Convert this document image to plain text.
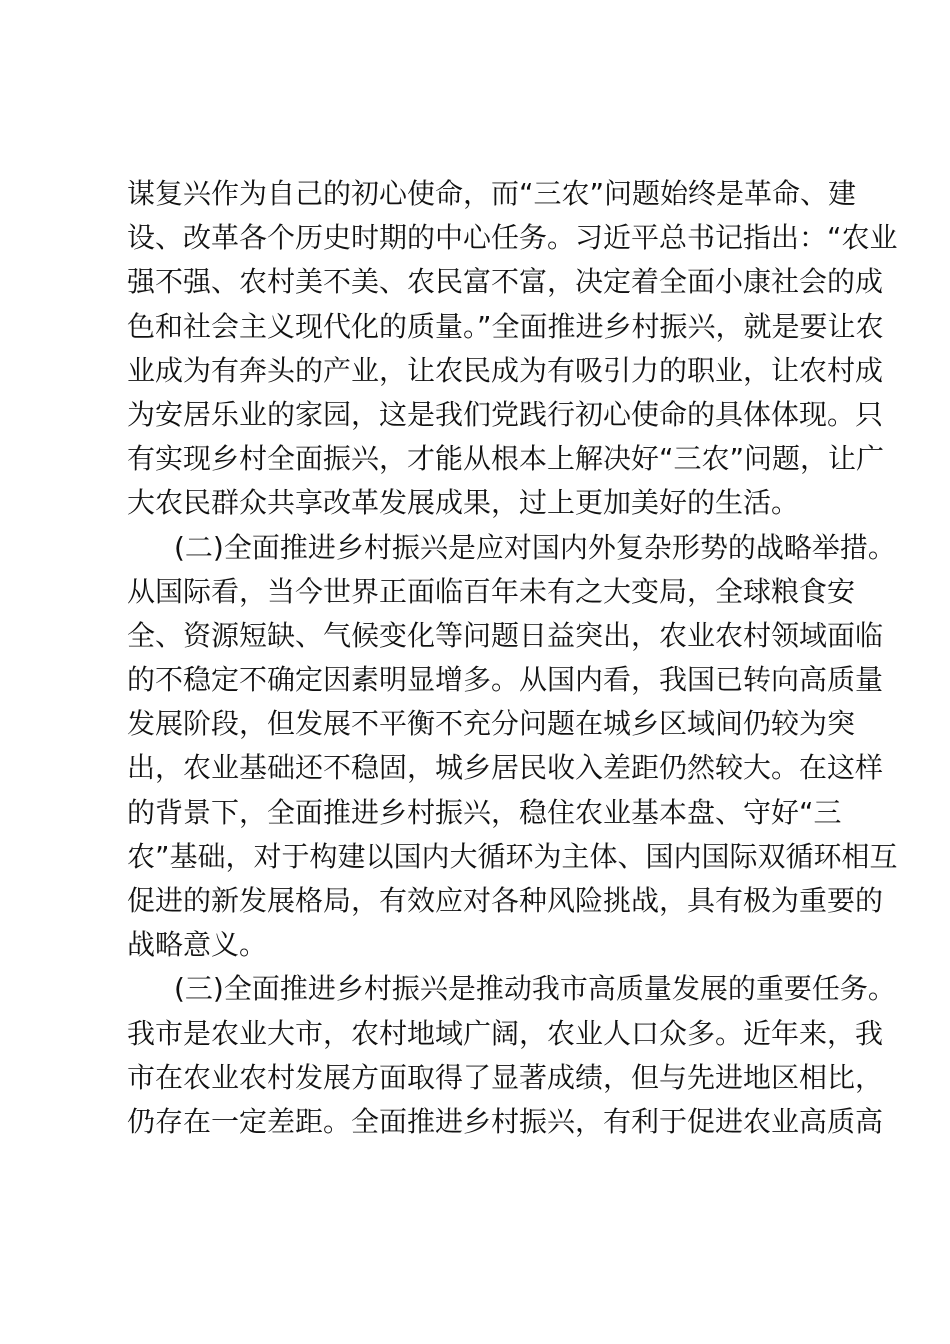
谋复兴作为自己的初心使命，而“三农”问题始终是革命、建
设、改革各个历史时期的中心任务。习近平总书记指出：“农业
强不强、农村美不美、农民富不富，决定着全面小康社会的成
色和社会主义现代化的质量。”全面推进乡村振兴，就是要让农
业成为有奔头的产业，让农民成为有吸引力的职业，让农村成
为安居乐业的家园，这是我们党践行初心使命的具体体现。只
有实现乡村全面振兴，才能从根本上解决好“三农”问题，让广
大农民群众共享改革发展成果，过上更加美好的生活。
(二)全面推进乡村振兴是应对国内外复杂形势的战略举措。
从国际看，当今世界正面临百年未有之大变局，全球粮食安
全、资源短缺、气候变化等问题日益突出，农业农村领域面临
的不稳定不确定因素明显增多。从国内看，我国已转向高质量
发展阶段，但发展不平衡不充分问题在城乡区域间仍较为突
出，农业基础还不稳固，城乡居民收入差距仍然较大。在这样
的背景下，全面推进乡村振兴，稳住农业基本盘、守好“三
农”基础，对于构建以国内大循环为主体、国内国际双循环相互
促进的新发展格局，有效应对各种风险挑战，具有极为重要的
战略意义。
(三)全面推进乡村振兴是推动我市高质量发展的重要任务。
我市是农业大市，农村地域广阔，农业人口众多。近年来，我
市在农业农村发展方面取得了显著成绩，但与先进地区相比，
仍存在一定差距。全面推进乡村振兴，有利于促进农业高质高
